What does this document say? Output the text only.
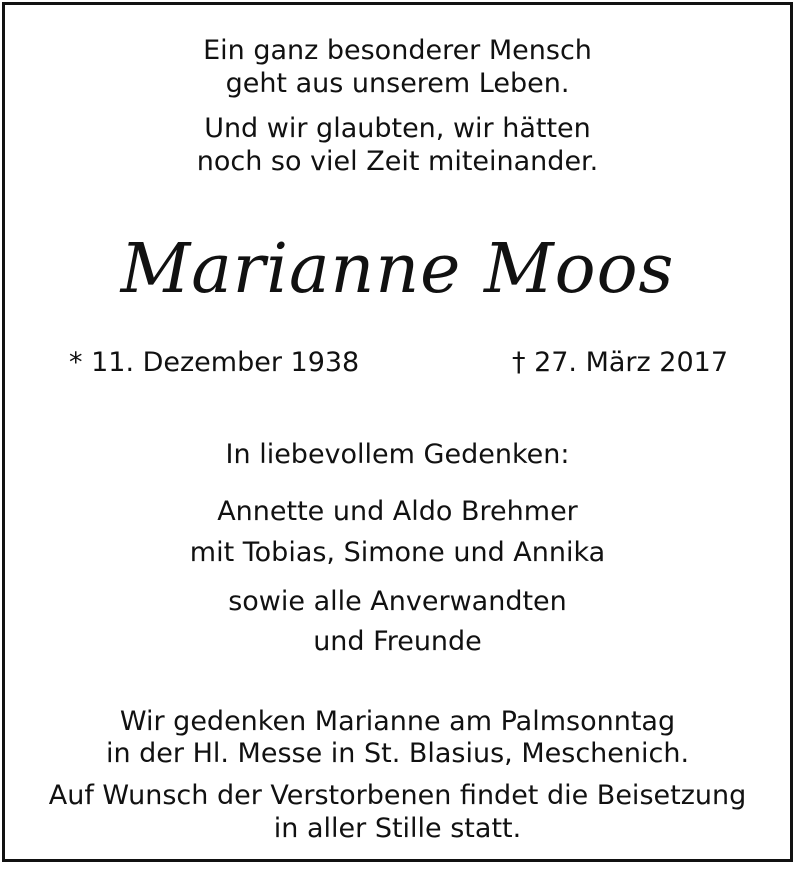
Ein ganz besonderer Mensch
geht aus unserem Leben.
Und wir glaubten, wir hätten
noch so viel Zeit miteinander.
Marianne Moos
* 11. Dezember 1938	† 27. März 2017
In liebevollem Gedenken:
Annette und Aldo Brehmer
mit Tobias, Simone und Annika
sowie alle Anverwandten
und Freunde
Wir gedenken Marianne am Palmsonntag
in der Hl. Messe in St. Blasius, Meschenich.
Auf Wunsch der Verstorbenen findet die Beisetzung
in aller Stille statt.
